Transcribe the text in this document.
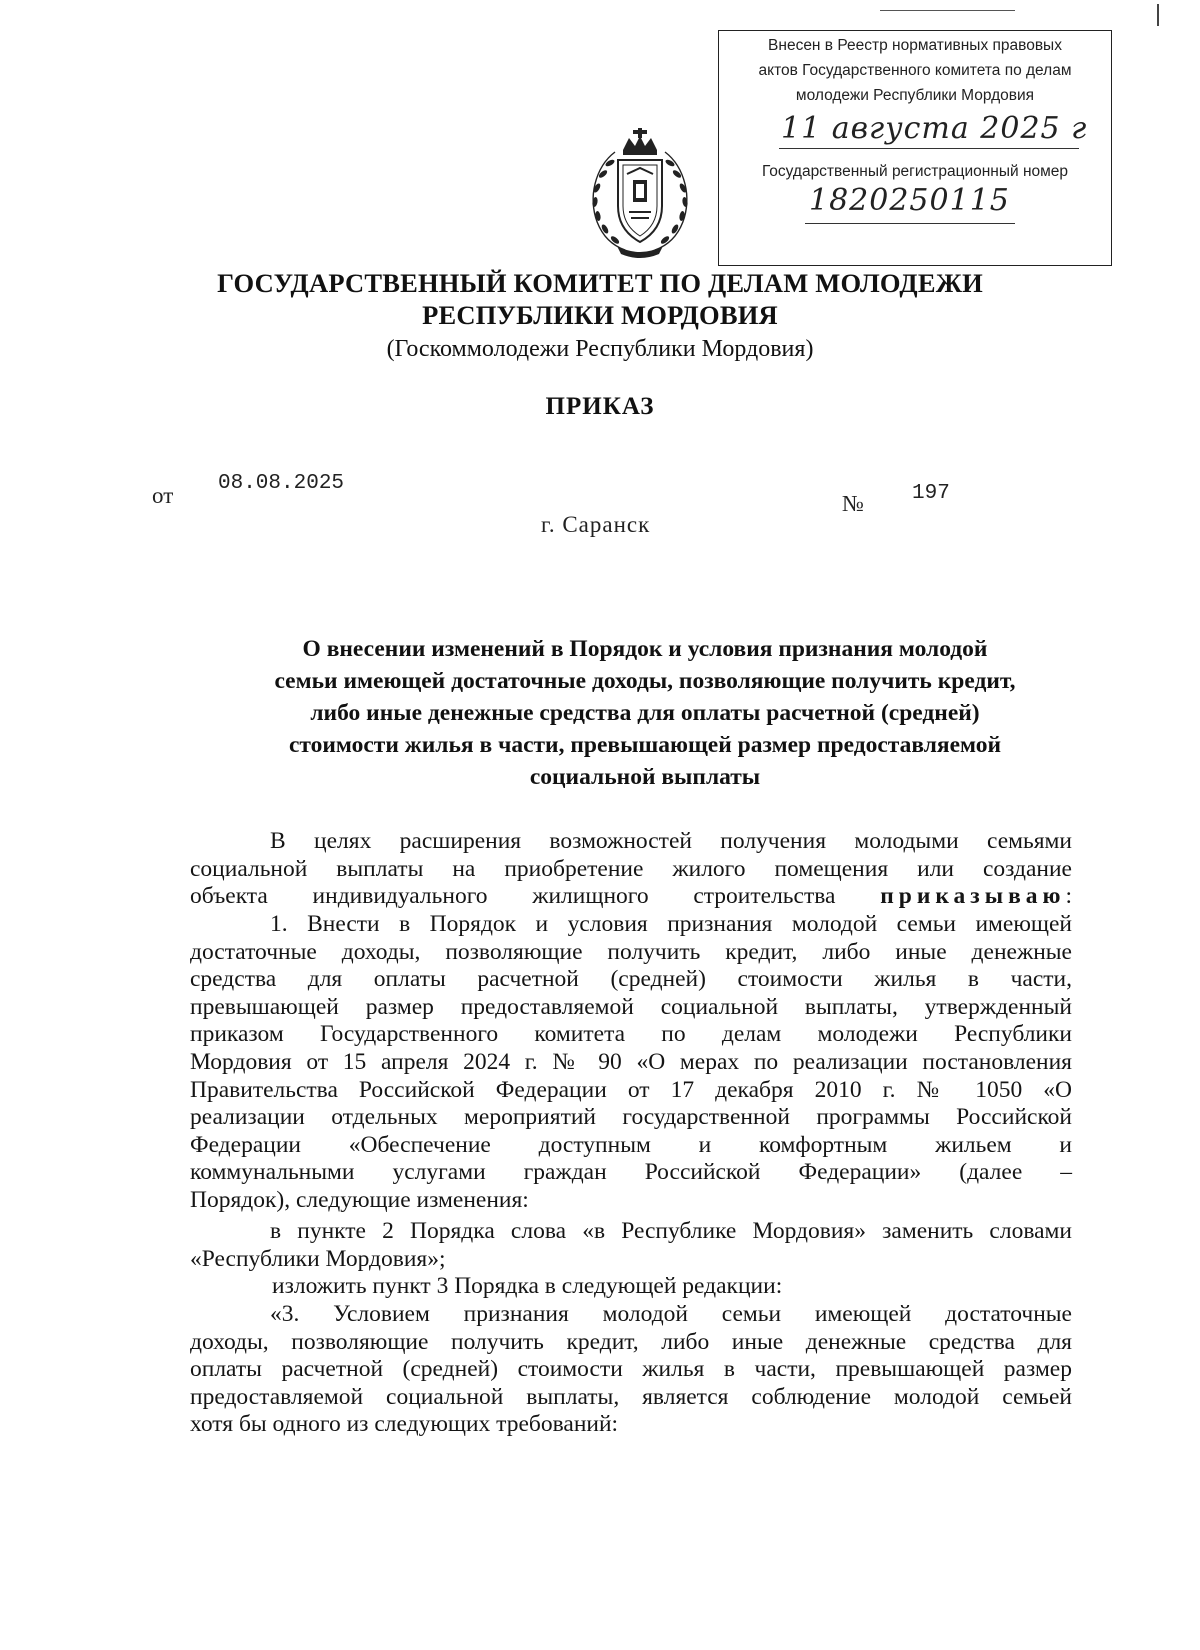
Внесен в Реестр нормативных правовых
актов Государственного комитета по делам
молодежи Республики Мордовия
11 августа 2025 г
Государственный регистрационный номер
1820250115
ГОСУДАРСТВЕННЫЙ КОМИТЕТ ПО ДЕЛАМ МОЛОДЕЖИ
РЕСПУБЛИКИ МОРДОВИЯ
(Госкоммолодежи Республики Мордовия)
ПРИКАЗ
от 08.08.2025
№ 197
г. Саранск
О внесении изменений в Порядок и условия признания молодой
семьи имеющей достаточные доходы, позволяющие получить кредит,
либо иные денежные средства для оплаты расчетной (средней)
стоимости жилья в части, превышающей размер предоставляемой
социальной выплаты
В целях расширения возможностей получения молодыми семьями
социальной выплаты на приобретение жилого помещения или создание
объекта индивидуального жилищного строительства приказываю:
1. Внести в Порядок и условия признания молодой семьи имеющей
достаточные доходы, позволяющие получить кредит, либо иные денежные
средства для оплаты расчетной (средней) стоимости жилья в части,
превышающей размер предоставляемой социальной выплаты, утвержденный
приказом Государственного комитета по делам молодежи Республики
Мордовия от 15 апреля 2024 г. № 90 «О мерах по реализации постановления
Правительства Российской Федерации от 17 декабря 2010 г. № 1050 «О
реализации отдельных мероприятий государственной программы Российской
Федерации «Обеспечение доступным и комфортным жильем и
коммунальными услугами граждан Российской Федерации» (далее –
Порядок), следующие изменения:
в пункте 2 Порядка слова «в Республике Мордовия» заменить словами
«Республики Мордовия»;
изложить пункт 3 Порядка в следующей редакции:
«3. Условием признания молодой семьи имеющей достаточные
доходы, позволяющие получить кредит, либо иные денежные средства для
оплаты расчетной (средней) стоимости жилья в части, превышающей размер
предоставляемой социальной выплаты, является соблюдение молодой семьей
хотя бы одного из следующих требований:
